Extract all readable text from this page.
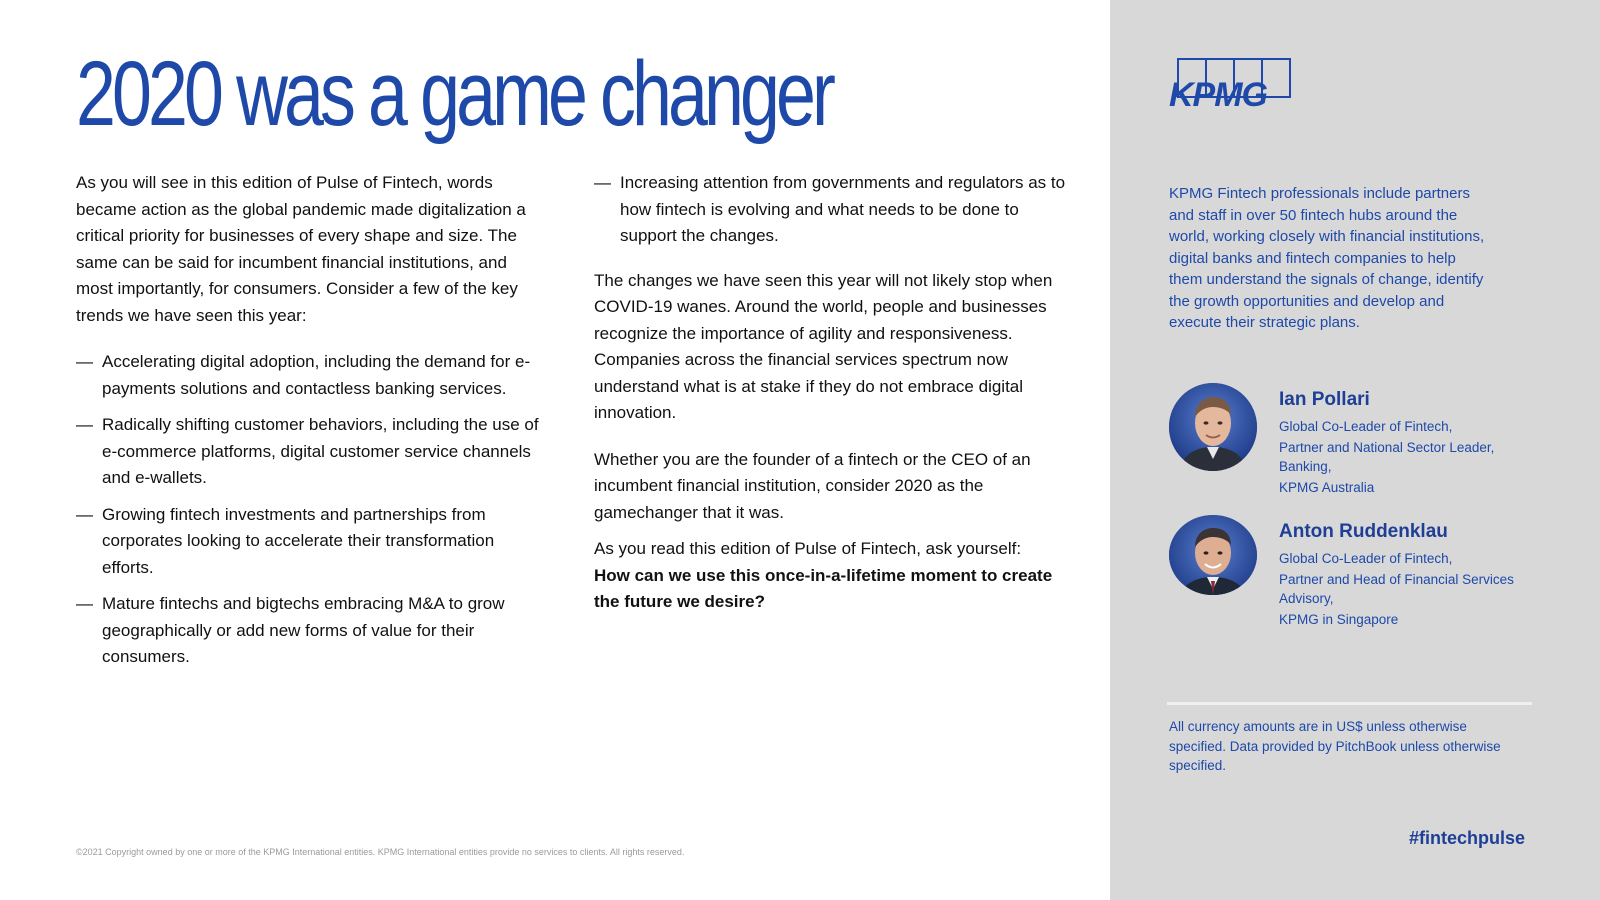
2020 was a game changer

As you will see in this edition of Pulse of Fintech, words became action as the global pandemic made digitalization a critical priority for businesses of every shape and size. The same can be said for incumbent financial institutions, and most importantly, for consumers. Consider a few of the key trends we have seen this year:

— Accelerating digital adoption, including the demand for e-payments solutions and contactless banking services.
— Radically shifting customer behaviors, including the use of e-commerce platforms, digital customer service channels and e-wallets.
— Growing fintech investments and partnerships from corporates looking to accelerate their transformation efforts.
— Mature fintechs and bigtechs embracing M&A to grow geographically or add new forms of value for their consumers.
— Increasing attention from governments and regulators as to how fintech is evolving and what needs to be done to support the changes.

The changes we have seen this year will not likely stop when COVID-19 wanes. Around the world, people and businesses recognize the importance of agility and responsiveness. Companies across the financial services spectrum now understand what is at stake if they do not embrace digital innovation.

Whether you are the founder of a fintech or the CEO of an incumbent financial institution, consider 2020 as the gamechanger that it was.

As you read this edition of Pulse of Fintech, ask yourself:
How can we use this once-in-a-lifetime moment to create the future we desire?

©2021 Copyright owned by one or more of the KPMG International entities. KPMG International entities provide no services to clients. All rights reserved.
KPMG

KPMG Fintech professionals include partners and staff in over 50 fintech hubs around the world, working closely with financial institutions, digital banks and fintech companies to help them understand the signals of change, identify the growth opportunities and develop and execute their strategic plans.

Ian Pollari
Global Co-Leader of Fintech,
Partner and National Sector Leader, Banking,
KPMG Australia
Anton Ruddenklau
Global Co-Leader of Fintech,
Partner and Head of Financial Services Advisory,
KPMG in Singapore

All currency amounts are in US$ unless otherwise specified. Data provided by PitchBook unless otherwise specified.

#fintechpulse
